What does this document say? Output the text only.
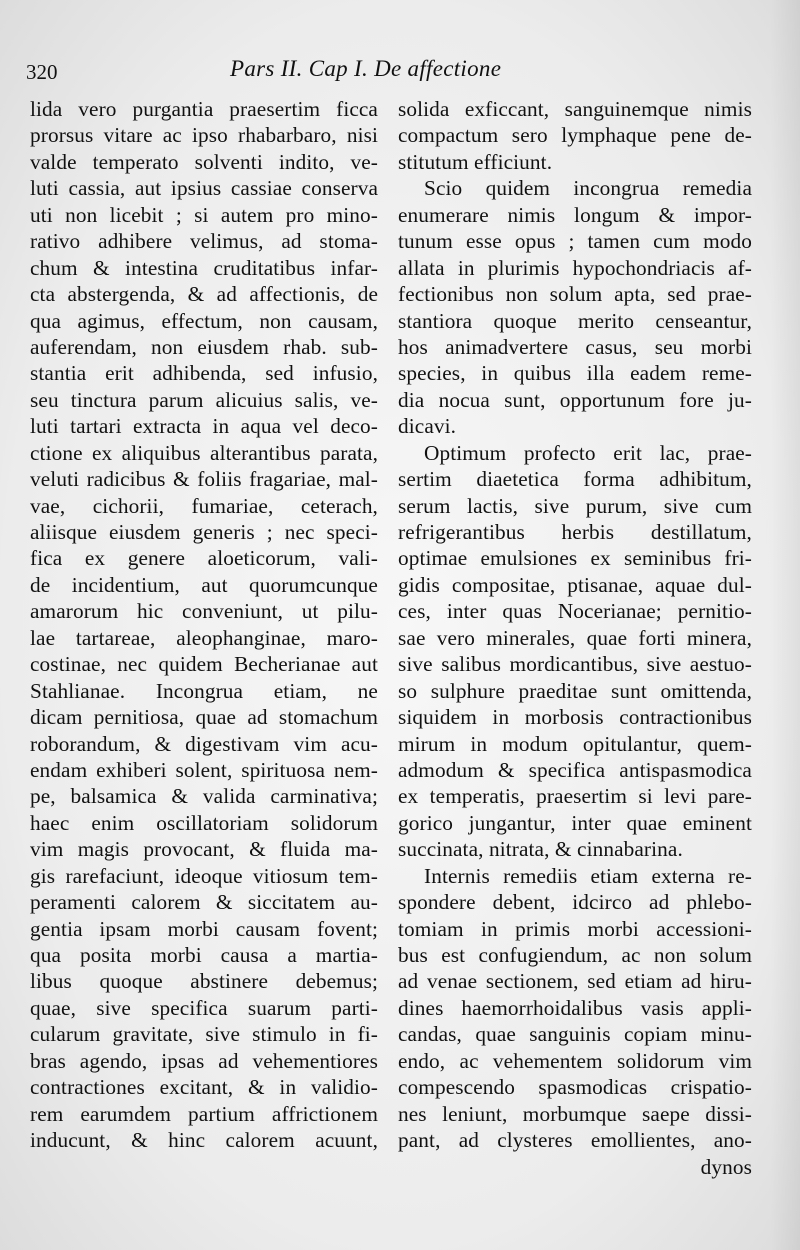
320	Pars II. Cap I. De affectione
lida vero purgantia praesertim ficca
prorsus vitare ac ipso rhabarbaro, nisi
valde temperato solventi indito, ve-
luti cassia, aut ipsius cassiae conserva
uti non licebit ; si autem pro mino-
rativo adhibere velimus, ad stoma-
chum & intestina cruditatibus infar-
cta abstergenda, & ad affectionis, de
qua agimus, effectum, non causam,
auferendam, non eiusdem rhab. sub-
stantia erit adhibenda, sed infusio,
seu tinctura parum alicuius salis, ve-
luti tartari extracta in aqua vel deco-
ctione ex aliquibus alterantibus parata,
veluti radicibus & foliis fragariae, mal-
vae, cichorii, fumariae, ceterach,
aliisque eiusdem generis ; nec speci-
fica ex genere aloeticorum, vali-
de incidentium, aut quorumcunque
amarorum hic conveniunt, ut pilu-
lae tartareae, aleophanginae, maro-
costinae, nec quidem Becherianae aut
Stahlianae. Incongrua etiam, ne
dicam pernitiosa, quae ad stomachum
roborandum, & digestivam vim acu-
endam exhiberi solent, spirituosa nem-
pe, balsamica & valida carminativa;
haec enim oscillatoriam solidorum
vim magis provocant, & fluida ma-
gis rarefaciunt, ideoque vitiosum tem-
peramenti calorem & siccitatem au-
gentia ipsam morbi causam fovent;
qua posita morbi causa a martia-
libus quoque abstinere debemus;
quae, sive specifica suarum parti-
cularum gravitate, sive stimulo in fi-
bras agendo, ipsas ad vehementiores
contractiones excitant, & in validio-
rem earumdem partium affrictionem
inducunt, & hinc calorem acuunt,
solida exficcant, sanguinemque nimis
compactum sero lymphaque pene de-
stitutum efficiunt.
Scio quidem incongrua remedia
enumerare nimis longum & impor-
tunum esse opus ; tamen cum modo
allata in plurimis hypochondriacis af-
fectionibus non solum apta, sed prae-
stantiora quoque merito censeantur,
hos animadvertere casus, seu morbi
species, in quibus illa eadem reme-
dia nocua sunt, opportunum fore ju-
dicavi.
Optimum profecto erit lac, prae-
sertim diaetetica forma adhibitum,
serum lactis, sive purum, sive cum
refrigerantibus herbis destillatum,
optimae emulsiones ex seminibus fri-
gidis compositae, ptisanae, aquae dul-
ces, inter quas Nocerianae; pernitio-
sae vero minerales, quae forti minera,
sive salibus mordicantibus, sive aestuo-
so sulphure praeditae sunt omittenda,
siquidem in morbosis contractionibus
mirum in modum opitulantur, quem-
admodum & specifica antispasmodica
ex temperatis, praesertim si levi pare-
gorico jungantur, inter quae eminent
succinata, nitrata, & cinnabarina.
Internis remediis etiam externa re-
spondere debent, idcirco ad phlebo-
tomiam in primis morbi accessioni-
bus est confugiendum, ac non solum
ad venae sectionem, sed etiam ad hiru-
dines haemorrhoidalibus vasis appli-
candas, quae sanguinis copiam minu-
endo, ac vehementem solidorum vim
compescendo spasmodicas crispatio-
nes leniunt, morbumque saepe dissi-
pant, ad clysteres emollientes, ano-
dynos
